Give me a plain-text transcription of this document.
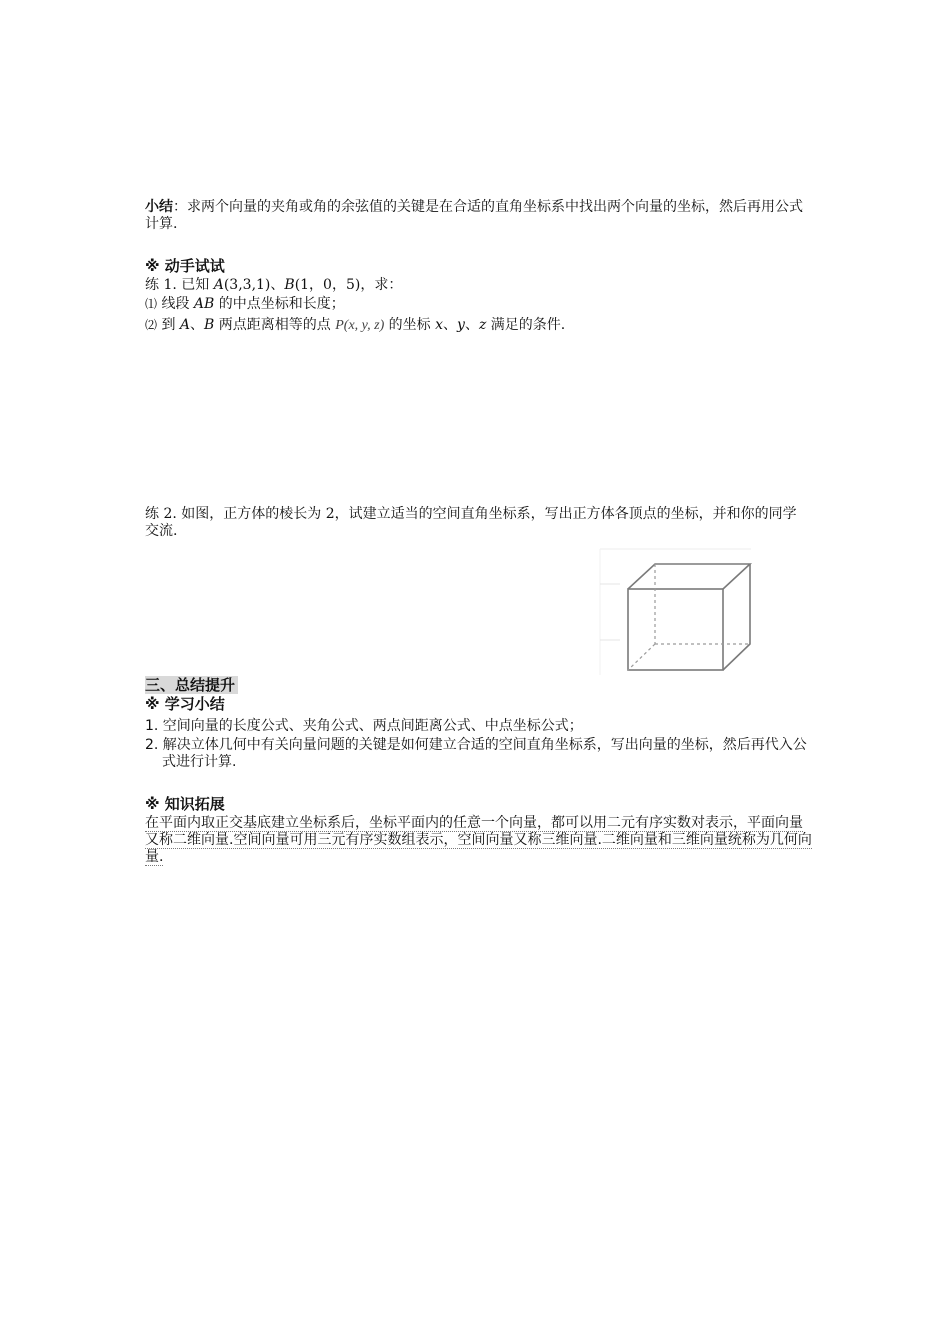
小结：求两个向量的夹角或角的余弦值的关键是在合适的直角坐标系中找出两个向量的坐标，然后再用公式计算.
※ 动手试试
练 1. 已知 A(3,3,1)、B(1，0，5)，求：
⑴ 线段 AB 的中点坐标和长度；
⑵ 到 A、B 两点距离相等的点 P(x, y, z) 的坐标 x、y、z 满足的条件.
练 2. 如图，正方体的棱长为 2，试建立适当的空间直角坐标系，写出正方体各顶点的坐标，并和你的同学交流.
三、总结提升
※ 学习小结
1. 空间向量的长度公式、夹角公式、两点间距离公式、中点坐标公式；
2. 解决立体几何中有关向量问题的关键是如何建立合适的空间直角坐标系，写出向量的坐标，然后再代入公式进行计算.
※ 知识拓展
在平面内取正交基底建立坐标系后，坐标平面内的任意一个向量，都可以用二元有序实数对表示，平面向量又称二维向量.空间向量可用三元有序实数组表示，空间向量又称三维向量.二维向量和三维向量统称为几何向量.
